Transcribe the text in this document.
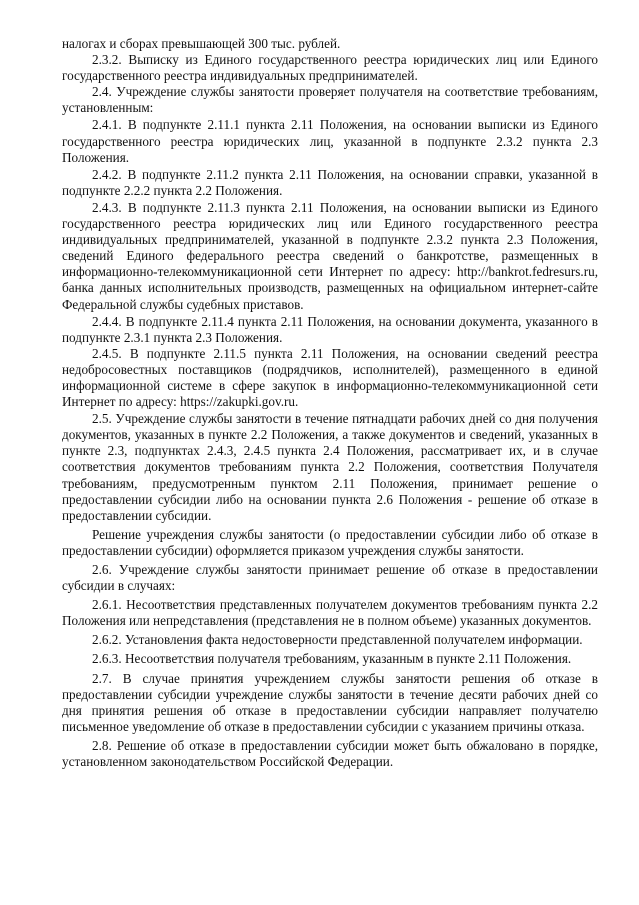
налогах и сборах превышающей 300 тыс. рублей.

2.3.2. Выписку из Единого государственного реестра юридических лиц или Единого государственного реестра индивидуальных предпринимателей.

2.4. Учреждение службы занятости проверяет получателя на соответствие требованиям, установленным:

2.4.1. В подпункте 2.11.1 пункта 2.11 Положения, на основании выписки из Единого государственного реестра юридических лиц, указанной в подпункте 2.3.2 пункта 2.3 Положения.

2.4.2. В подпункте 2.11.2 пункта 2.11 Положения, на основании справки, указанной в подпункте 2.2.2 пункта 2.2 Положения.

2.4.3. В подпункте 2.11.3 пункта 2.11 Положения, на основании выписки из Единого государственного реестра юридических лиц или Единого государственного реестра индивидуальных предпринимателей, указанной в подпункте 2.3.2 пункта 2.3 Положения, сведений Единого федерального реестра сведений о банкротстве, размещенных в информационно-телекоммуникационной сети Интернет по адресу: http://bankrot.fedresurs.ru, банка данных исполнительных производств, размещенных на официальном интернет-сайте Федеральной службы судебных приставов.

2.4.4. В подпункте 2.11.4 пункта 2.11 Положения, на основании документа, указанного в подпункте 2.3.1 пункта 2.3 Положения.

2.4.5. В подпункте 2.11.5 пункта 2.11 Положения, на основании сведений реестра недобросовестных поставщиков (подрядчиков, исполнителей), размещенного в единой информационной системе в сфере закупок в информационно-телекоммуникационной сети Интернет по адресу: https://zakupki.gov.ru.

2.5. Учреждение службы занятости в течение пятнадцати рабочих дней со дня получения документов, указанных в пункте 2.2 Положения, а также документов и сведений, указанных в пункте 2.3, подпунктах 2.4.3, 2.4.5 пункта 2.4 Положения, рассматривает их, и в случае соответствия документов требованиям пункта 2.2 Положения, соответствия Получателя требованиям, предусмотренным пунктом 2.11 Положения, принимает решение о предоставлении субсидии либо на основании пункта 2.6 Положения - решение об отказе в предоставлении субсидии.

Решение учреждения службы занятости (о предоставлении субсидии либо об отказе в предоставлении субсидии) оформляется приказом учреждения службы занятости.

2.6. Учреждение службы занятости принимает решение об отказе в предоставлении субсидии в случаях:

2.6.1. Несоответствия представленных получателем документов требованиям пункта 2.2 Положения или непредставления (представления не в полном объеме) указанных документов.

2.6.2. Установления факта недостоверности представленной получателем информации.

2.6.3. Несоответствия получателя требованиям, указанным в пункте 2.11 Положения.

2.7. В случае принятия учреждением службы занятости решения об отказе в предоставлении субсидии учреждение службы занятости в течение десяти рабочих дней со дня принятия решения об отказе в предоставлении субсидии направляет получателю письменное уведомление об отказе в предоставлении субсидии с указанием причины отказа.

2.8. Решение об отказе в предоставлении субсидии может быть обжаловано в порядке, установленном законодательством Российской Федерации.
